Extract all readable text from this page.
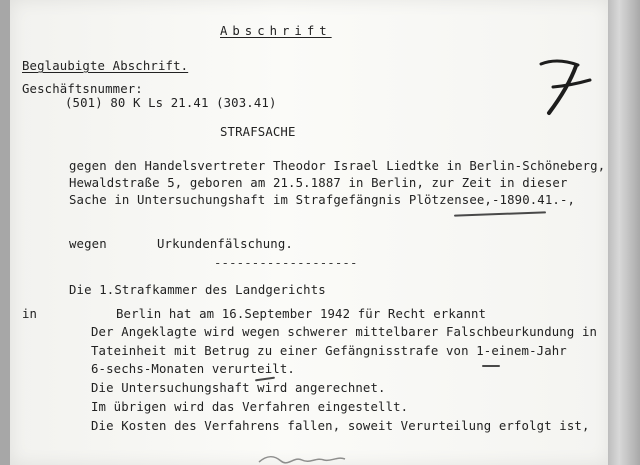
Abschrift
Beglaubigte Abschrift.
Geschäftsnummer:
(501) 80 K Ls 21.41 (303.41)
STRAFSACHE
gegen den Handelsvertreter Theodor Israel Liedtke in Berlin-Schöneberg,
Hewaldstraße 5, geboren am 21.5.1887 in Berlin, zur Zeit in dieser
Sache in Untersuchungshaft im Strafgefängnis Plötzensee,-1890.41.-,
wegen	Urkundenfälschung.
-------------------
Die 1.Strafkammer des Landgerichts
in	Berlin hat am 16.September 1942 für Recht erkannt
Der Angeklagte wird wegen schwerer mittelbarer Falschbeurkundung in
Tateinheit mit Betrug zu einer Gefängnisstrafe von 1-einem-Jahr
6-sechs-Monaten verurteilt.
Die Untersuchungshaft wird angerechnet.
Im übrigen wird das Verfahren eingestellt.
Die Kosten des Verfahrens fallen, soweit Verurteilung erfolgt ist,
